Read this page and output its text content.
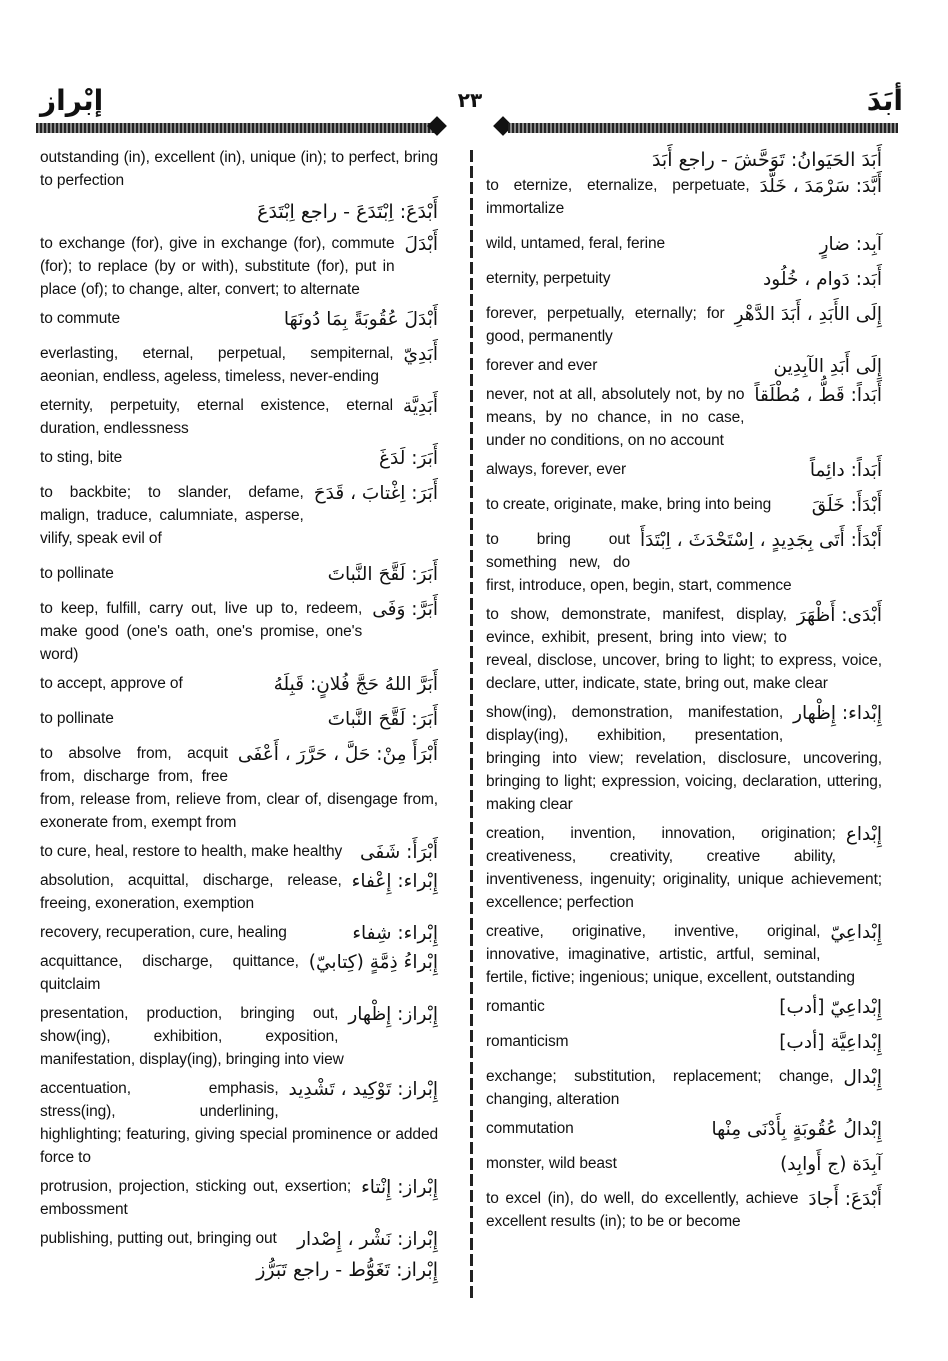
إبْراز	٢٣	أبَدَ
outstanding (in), excellent (in), unique (in); to perfect, bring to perfection
أَبْدَعَ: اِبْتَدَعَ - راجع اِبْتَدَعَ
أَبْدَلَ
to exchange (for), give in exchange (for), commute (for); to replace (by or with), substitute (for), put in place (of); to change, alter, convert; to alternate
أَبْدَلَ عُقُوبَةً بِمَا دُونَهَا
to commute
أَبَدِيّ
everlasting, eternal, perpetual, sempiternal, aeonian, endless, ageless, timeless, never-ending
أَبَدِيَّة
eternity, perpetuity, eternal existence, eternal duration, endlessness
أَبَرَ: لَدَغَ
to sting, bite
أَبَرَ: اِغْتابَ ، قَدَحَ
to backbite; to slander, defame, malign, traduce, calumniate, asperse, vilify, speak evil of
أَبَرَ: لَقَّحَ النَّباتَ
to pollinate
أَبَرَّ: وَفَى
to keep, fulfill, carry out, live up to, redeem, make good (one's oath, one's promise, one's word)
أَبَرَّ اللهُ حَجَّ فُلانٍ: قَبِلَهُ
to accept, approve of
أَبَرَ: لَقَّحَ النَّباتَ
to pollinate
أَبْرَأَ مِنْ: حَلَّ ، حَرَّرَ ، أَعْفَى
to absolve from, acquit from, discharge from, free from, release from, relieve from, clear of, disengage from, exonerate from, exempt from
أَبْرَأَ: شَفَى
to cure, heal, restore to health, make healthy
إِبْراء: إِعْفاء
absolution, acquittal, discharge, release, freeing, exoneration, exemption
إِبْراء: شِفاء
recovery, recuperation, cure, healing
إِبْراءُ ذِمَّةٍ (كِتابيّ)
acquittance, discharge, quittance, quitclaim
إِبْراز: إِظْهار
presentation, production, bringing out, show(ing), exhibition, exposition, manifestation, display(ing), bringing into view
إِبْراز: تَوْكِيد ، تَشْدِيد
accentuation, emphasis, stress(ing), underlining, highlighting; featuring, giving special prominence or added force to
إِبْراز: إِنْتاء
protrusion, projection, sticking out, exsertion; embossment
إِبْراز: نَشْر ، إِصْدار
publishing, putting out, bringing out
إِبْراز: تَغَوُّط - راجع تَبَرُّز
أَبَدَ الحَيَوانُ: تَوَحَّشَ - راجع أَبَدَ
أَبَّدَ: سَرْمَدَ ، خَلَّدَ
to eternize, eternalize, perpetuate, immortalize
آبِد: ضارٍ
wild, untamed, feral, ferine
أَبَد: دَوام ، خُلُود
eternity, perpetuity
إِلَى الأَبَدِ ، أَبَدَ الدَّهْرِ
forever, perpetually, eternally; for good, permanently
إِلَى أَبَدِ الآبِدِين
forever and ever
أَبَداً: قَطُّ ، مُطْلَقاً
never, not at all, absolutely not, by no means, by no chance, in no case, under no conditions, on no account
أَبَداً: دائِماً
always, forever, ever
أَبْدَأَ: خَلَقَ
to create, originate, make, bring into being
أَبْدَأَ: أَتَى بِجَدِيدٍ ، اِسْتَحْدَثَ ، اِبْتَدَأَ
to bring out something new, do first, introduce, open, begin, start, commence
أَبْدَى: أَظْهَرَ
to show, demonstrate, manifest, display, evince, exhibit, present, bring into view; to reveal, disclose, uncover, bring to light; to express, voice, declare, utter, indicate, state, bring out, make clear
إِبْداء: إِظْهار
show(ing), demonstration, manifestation, display(ing), exhibition, presentation, bringing into view; revelation, disclosure, uncovering, bringing to light; expression, voicing, declaration, uttering, making clear
إِبْداع
creation, invention, innovation, origination; creativeness, creativity, creative ability, inventiveness, ingenuity; originality, unique achievement; excellence; perfection
إِبْداعِيّ
creative, originative, inventive, original, innovative, imaginative, artistic, artful, seminal, fertile, fictive; ingenious; unique, excellent, outstanding
إِبْداعِيّ [أدب]
romantic
إِبْداعِيَّة [أدب]
romanticism
إِبْدال
exchange; substitution, replacement; change, changing, alteration
إِبْدالُ عُقُوبَةٍ بِأَدْنَى مِنْها
commutation
آبِدَة (ج أَوابِد)
monster, wild beast
أَبْدَعَ: أَجادَ
to excel (in), do well, do excellently, achieve excellent results (in); to be or become
